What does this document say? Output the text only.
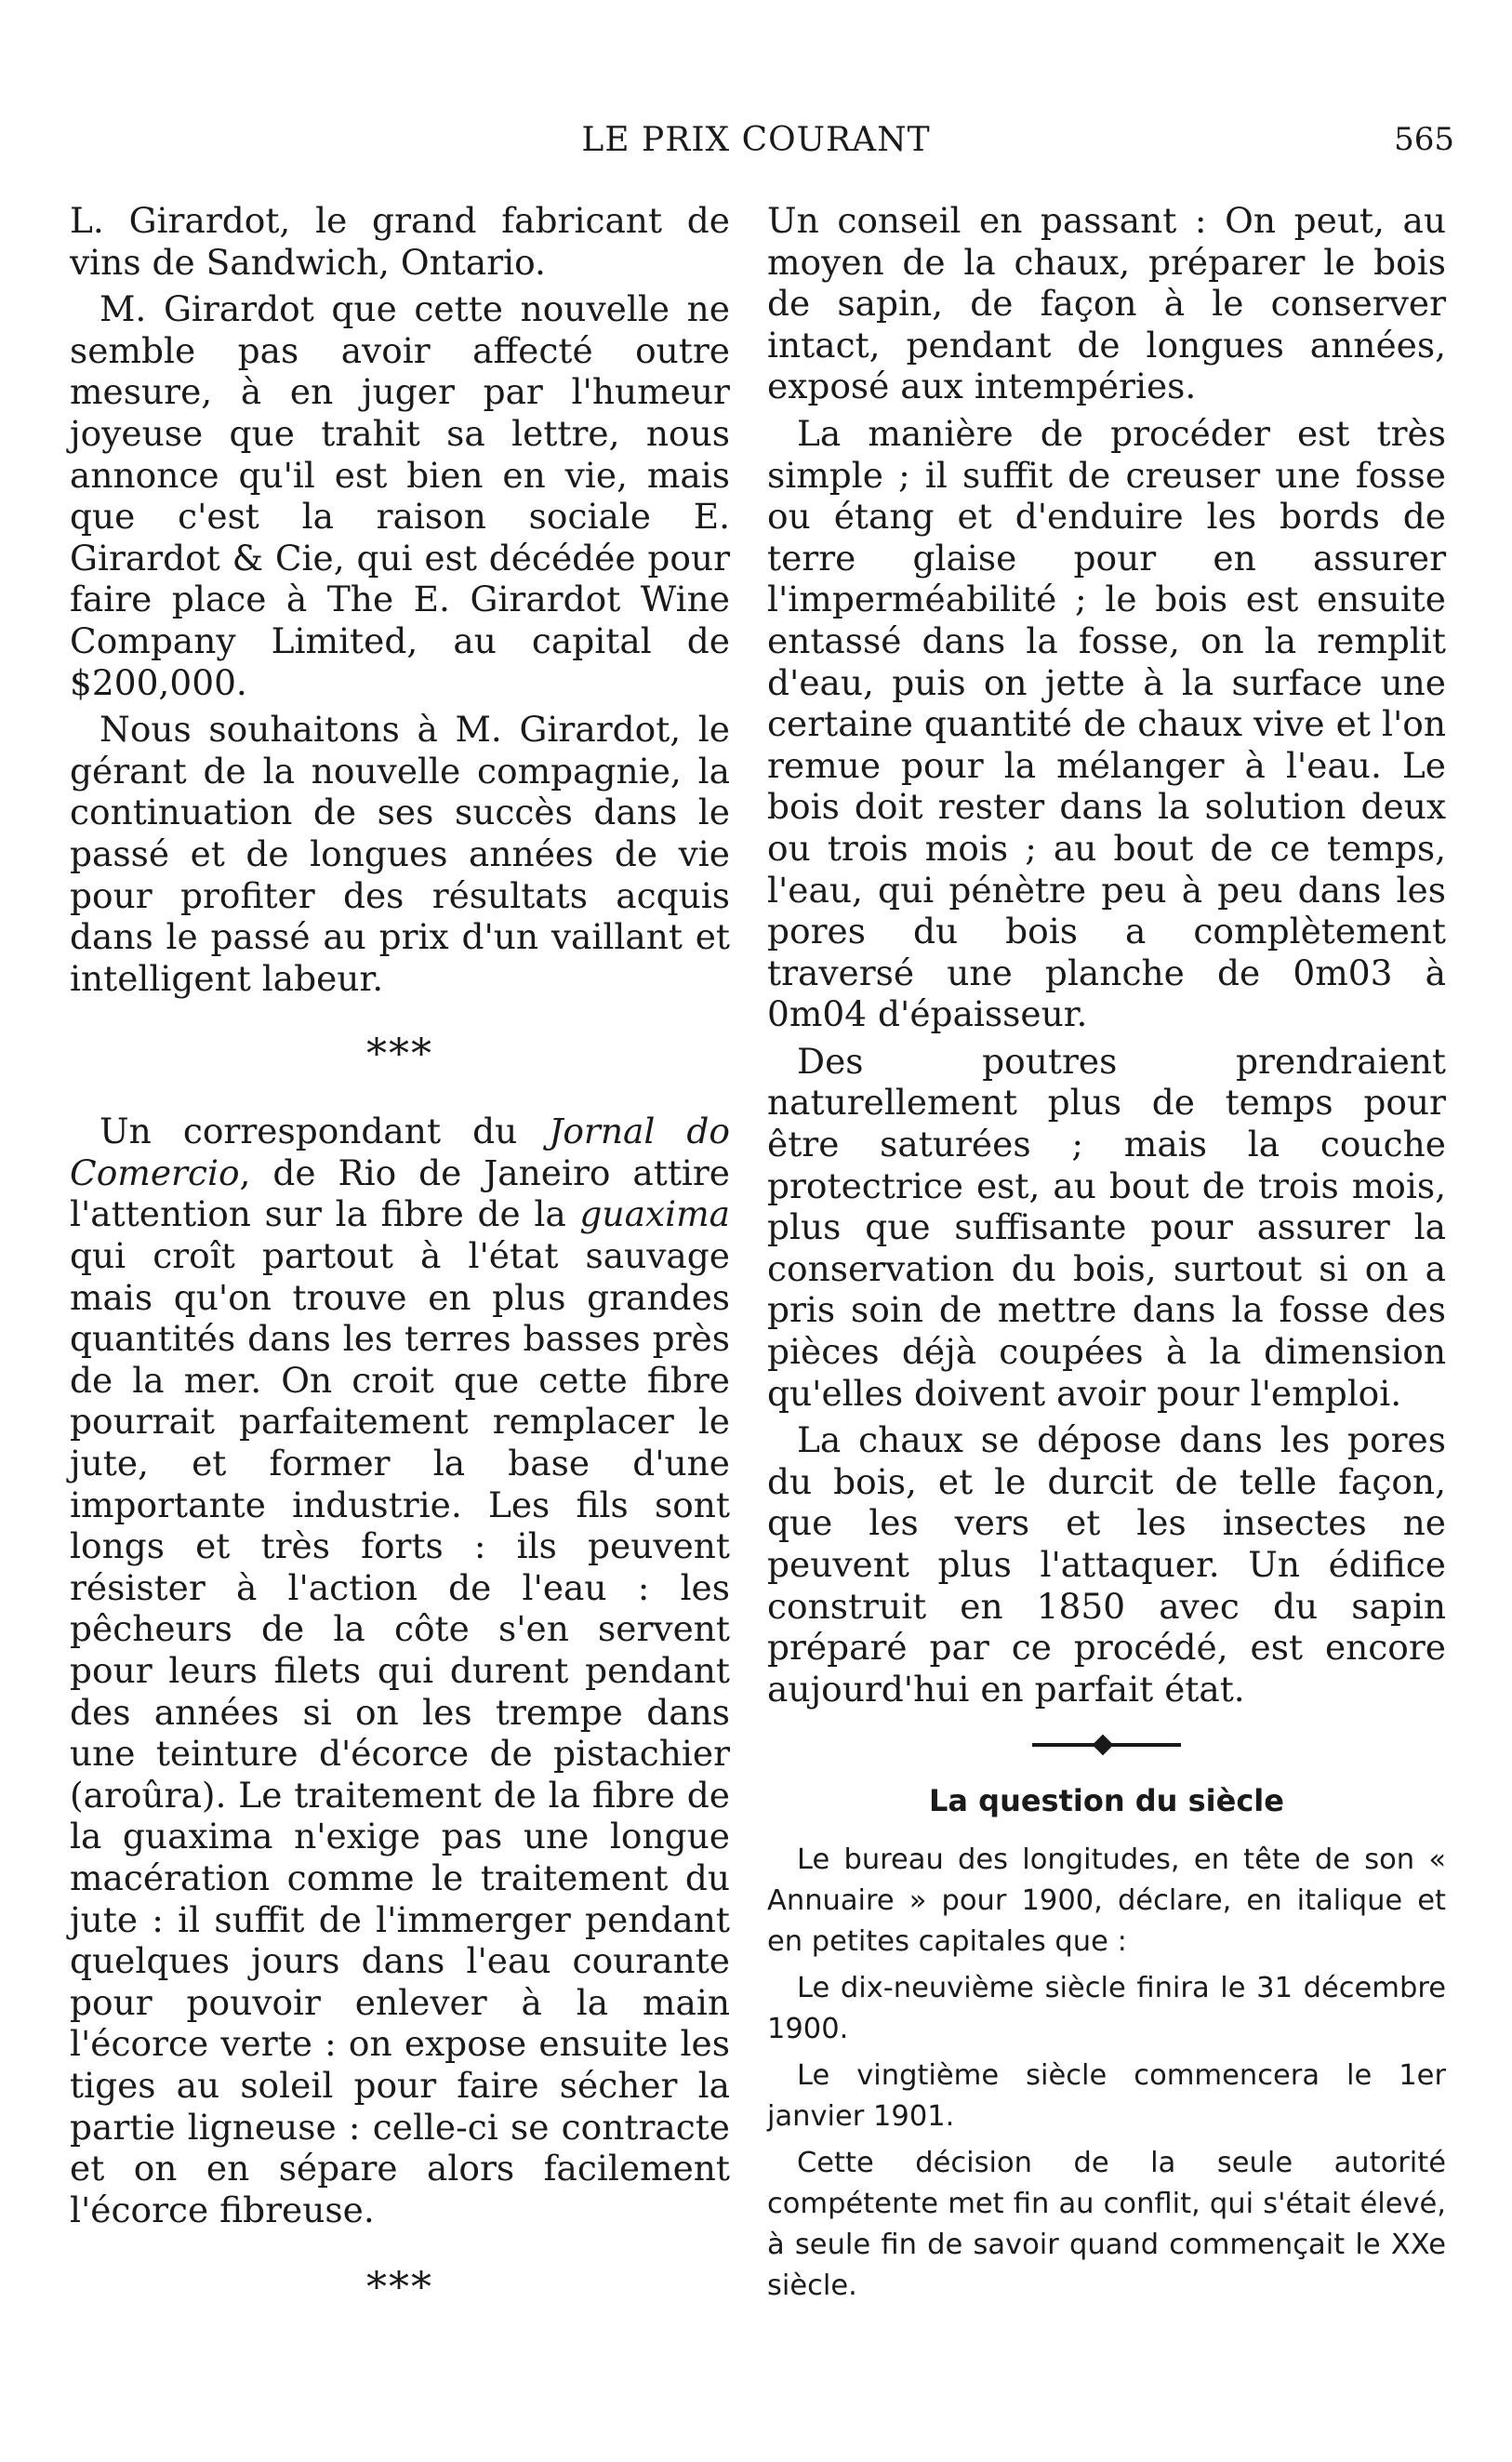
LE PRIX COURANT	565

L. Girardot, le grand fabricant de vins de Sandwich, Ontario.

M. Girardot que cette nouvelle ne semble pas avoir affecté outre mesure, à en juger par l'humeur joyeuse que trahit sa lettre, nous annonce qu'il est bien en vie, mais que c'est la raison sociale E. Girardot & Cie, qui est décédée pour faire place à The E. Girardot Wine Company Limited, au capital de $200,000.

Nous souhaitons à M. Girardot, le gérant de la nouvelle compagnie, la continuation de ses succès dans le passé et de longues années de vie pour profiter des résultats acquis dans le passé au prix d'un vaillant et intelligent labeur.

***

Un correspondant du Jornal do Comercio, de Rio de Janeiro attire l'attention sur la fibre de la guaxima qui croît partout à l'état sauvage mais qu'on trouve en plus grandes quantités dans les terres basses près de la mer. On croit que cette fibre pourrait parfaitement remplacer le jute, et former la base d'une importante industrie. Les fils sont longs et très forts : ils peuvent résister à l'action de l'eau : les pêcheurs de la côte s'en servent pour leurs filets qui durent pendant des années si on les trempe dans une teinture d'écorce de pistachier (aroûra). Le traitement de la fibre de la guaxima n'exige pas une longue macération comme le traitement du jute : il suffit de l'immerger pendant quelques jours dans l'eau courante pour pouvoir enlever à la main l'écorce verte : on expose ensuite les tiges au soleil pour faire sécher la partie ligneuse : celle-ci se contracte et on en sépare alors facilement l'écorce fibreuse.

***

Un conseil en passant : On peut, au moyen de la chaux, préparer le bois de sapin, de façon à le conserver intact, pendant de longues années, exposé aux intempéries.

La manière de procéder est très simple ; il suffit de creuser une fosse ou étang et d'enduire les bords de terre glaise pour en assurer l'imperméabilité ; le bois est ensuite entassé dans la fosse, on la remplit d'eau, puis on jette à la surface une certaine quantité de chaux vive et l'on remue pour la mélanger à l'eau. Le bois doit rester dans la solution deux ou trois mois ; au bout de ce temps, l'eau, qui pénètre peu à peu dans les pores du bois a complètement traversé une planche de 0m03 à 0m04 d'épaisseur.

Des poutres prendraient naturellement plus de temps pour être saturées ; mais la couche protectrice est, au bout de trois mois, plus que suffisante pour assurer la conservation du bois, surtout si on a pris soin de mettre dans la fosse des pièces déjà coupées à la dimension qu'elles doivent avoir pour l'emploi.

La chaux se dépose dans les pores du bois, et le durcit de telle façon, que les vers et les insectes ne peuvent plus l'attaquer. Un édifice construit en 1850 avec du sapin préparé par ce procédé, est encore aujourd'hui en parfait état.

La question du siècle

Le bureau des longitudes, en tête de son « Annuaire » pour 1900, déclare, en italique et en petites capitales que :

Le dix-neuvième siècle finira le 31 décembre 1900.

Le vingtième siècle commencera le 1er janvier 1901.

Cette décision de la seule autorité compétente met fin au conflit, qui s'était élevé, à seule fin de savoir quand commençait le XXe siècle.
